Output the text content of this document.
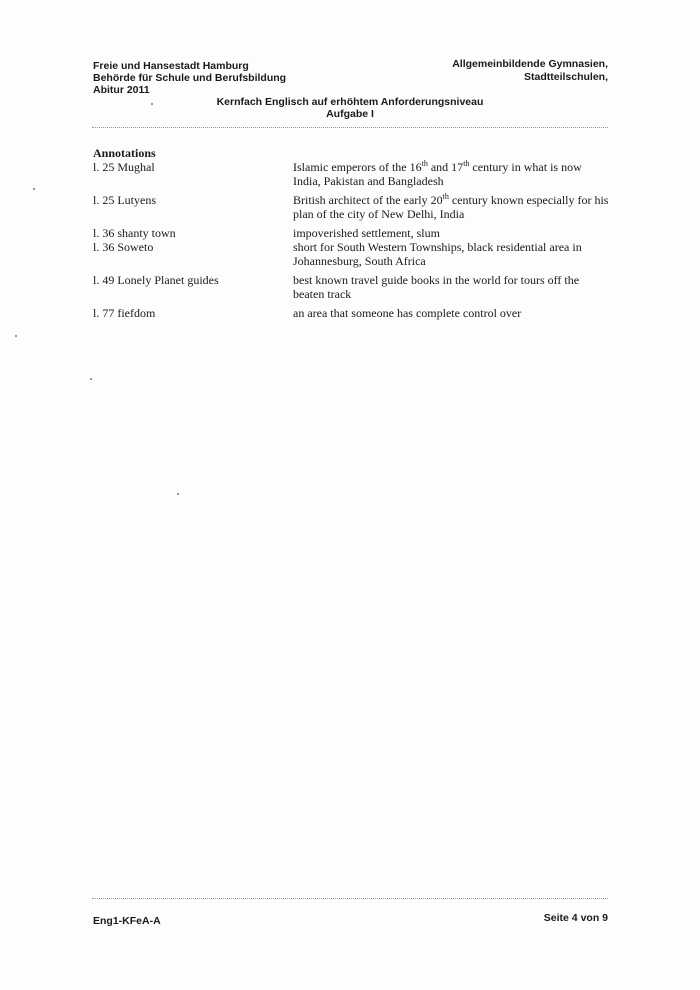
Freie und Hansestadt Hamburg
Behörde für Schule und Berufsbildung
Abitur 2011
Allgemeinbildende Gymnasien,
Stadtteilschulen,
Kernfach Englisch auf erhöhtem Anforderungsniveau
Aufgabe I
Annotations
l. 25 Mughal	Islamic emperors of the 16th and 17th century in what is now India, Pakistan and Bangladesh
l. 25 Lutyens	British architect of the early 20th century known especially for his plan of the city of New Delhi, India
l. 36 shanty town	impoverished settlement, slum
l. 36 Soweto	short for South Western Townships, black residential area in Johannesburg, South Africa
l. 49 Lonely Planet guides	best known travel guide books in the world for tours off the beaten track
l. 77 fiefdom	an area that someone has complete control over
Eng1-KFeA-A	Seite 4 von 9
